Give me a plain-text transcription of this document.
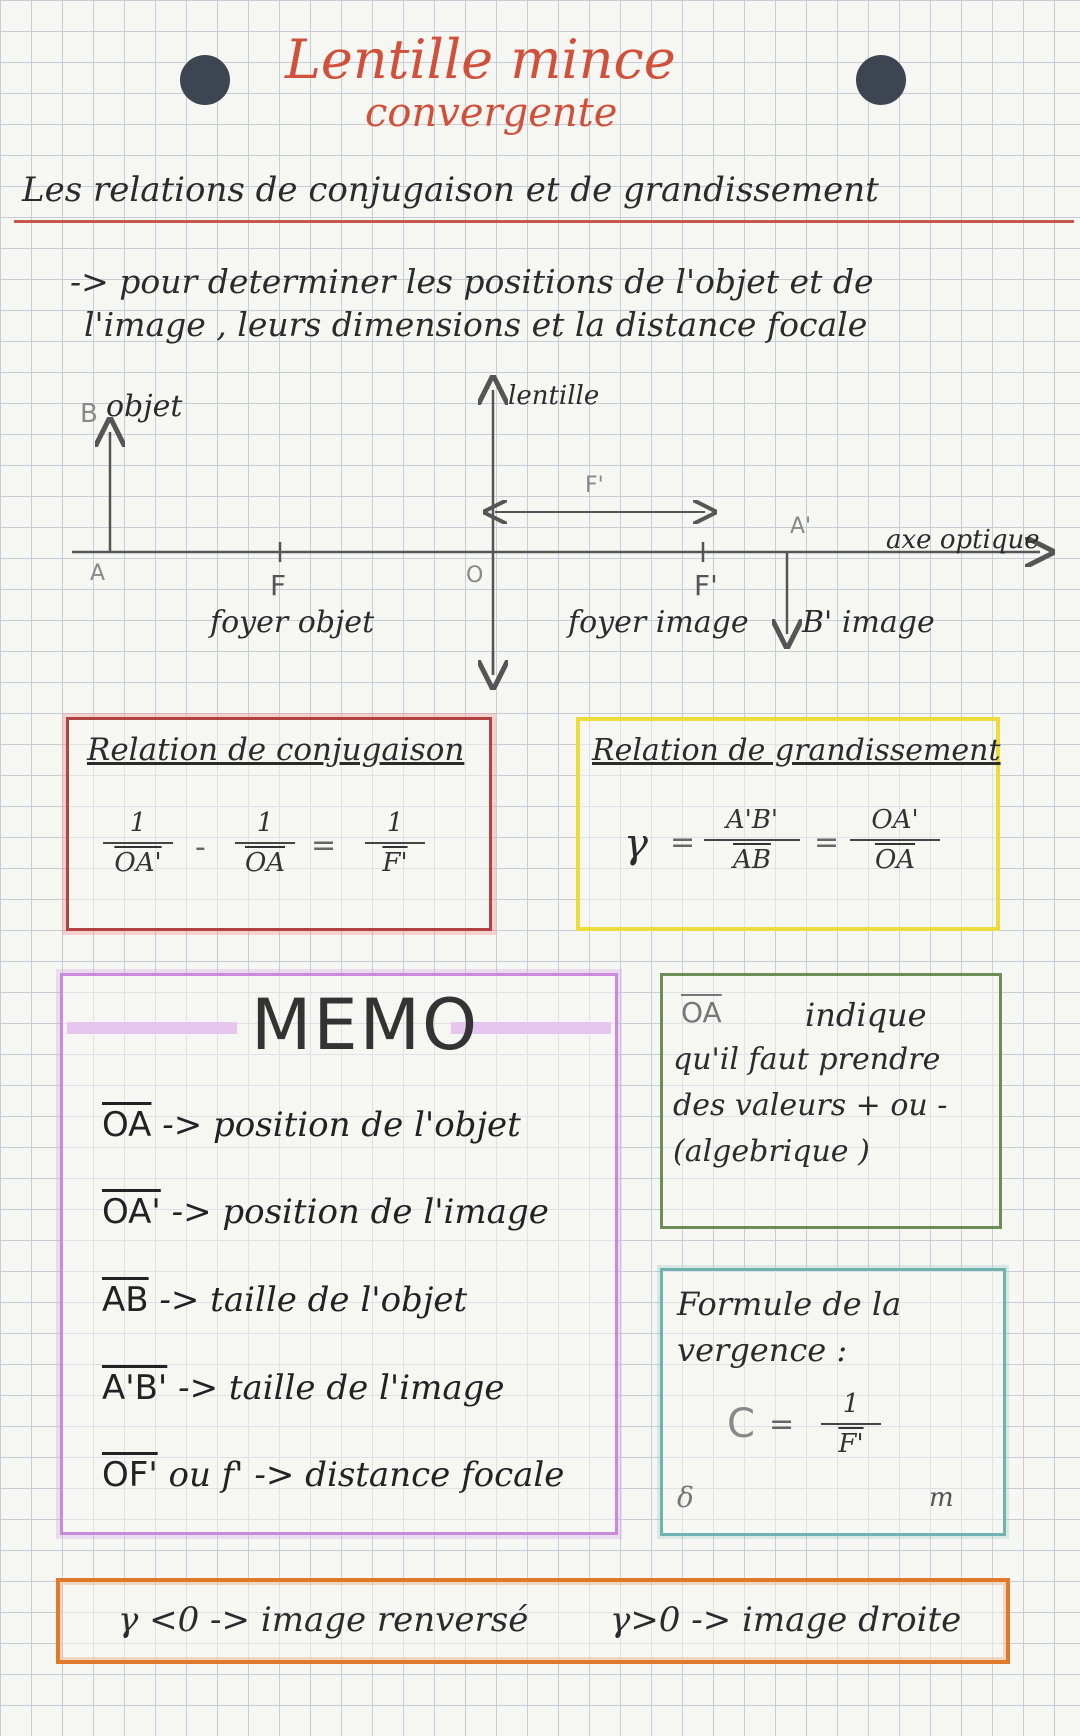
Lentille mince
convergente
Les relations de conjugaison et de grandissement
-> pour determiner les positions de l'objet et de
l'image , leurs dimensions et la distance focale
B objet
A
lentille
F'
O
A'	axe optique
F
foyer objet
F'
foyer image B' image
Relation de conjugaison
$\frac{1}{OA'} - \frac{1}{OA} = \frac{1}{F'}$
Relation de grandissement
$\gamma = \frac{A'B'}{AB} = \frac{OA'}{OA}$
MEMO
$\overline{OA}$ -> position de l'objet
OA' -> position de l'image
$\overline{AB}$ -> taille de l'objet
A'B' -> taille de l'image
OF' ou f' -> distance focale
$\overline{OA}$	indique
qu'il faut prendre
des valeurs + ou -
(algebrique )
Formule de la
vergence :
$C = \frac{1}{F'}$
δ	m
γ <0 -> image renversé γ>0 -> image droite
